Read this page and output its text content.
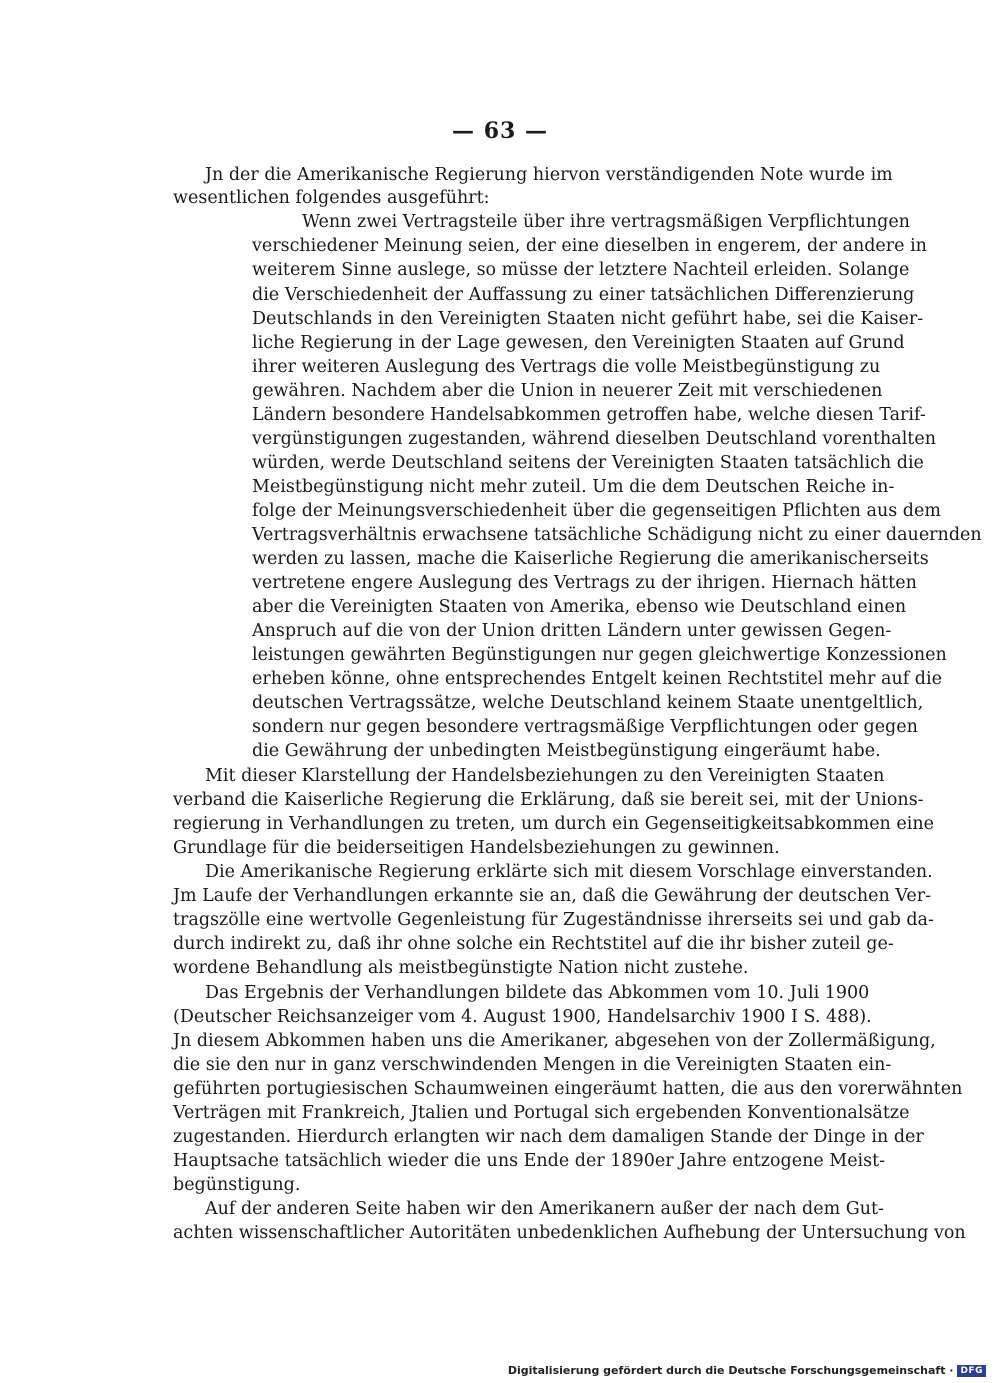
— 63 —
Jn der die Amerikanische Regierung hiervon verständigenden Note wurde im
wesentlichen folgendes ausgeführt:
Wenn zwei Vertragsteile über ihre vertragsmäßigen Verpflichtungen
verschiedener Meinung seien, der eine dieselben in engerem, der andere in
weiterem Sinne auslege, so müsse der letztere Nachteil erleiden. Solange
die Verschiedenheit der Auffassung zu einer tatsächlichen Differenzierung
Deutschlands in den Vereinigten Staaten nicht geführt habe, sei die Kaiser-
liche Regierung in der Lage gewesen, den Vereinigten Staaten auf Grund
ihrer weiteren Auslegung des Vertrags die volle Meistbegünstigung zu
gewähren. Nachdem aber die Union in neuerer Zeit mit verschiedenen
Ländern besondere Handelsabkommen getroffen habe, welche diesen Tarif-
vergünstigungen zugestanden, während dieselben Deutschland vorenthalten
würden, werde Deutschland seitens der Vereinigten Staaten tatsächlich die
Meistbegünstigung nicht mehr zuteil. Um die dem Deutschen Reiche in-
folge der Meinungsverschiedenheit über die gegenseitigen Pflichten aus dem
Vertragsverhältnis erwachsene tatsächliche Schädigung nicht zu einer dauernden
werden zu lassen, mache die Kaiserliche Regierung die amerikanischerseits
vertretene engere Auslegung des Vertrags zu der ihrigen. Hiernach hätten
aber die Vereinigten Staaten von Amerika, ebenso wie Deutschland einen
Anspruch auf die von der Union dritten Ländern unter gewissen Gegen-
leistungen gewährten Begünstigungen nur gegen gleichwertige Konzessionen
erheben könne, ohne entsprechendes Entgelt keinen Rechtstitel mehr auf die
deutschen Vertragssätze, welche Deutschland keinem Staate unentgeltlich,
sondern nur gegen besondere vertragsmäßige Verpflichtungen oder gegen
die Gewährung der unbedingten Meistbegünstigung eingeräumt habe.
Mit dieser Klarstellung der Handelsbeziehungen zu den Vereinigten Staaten
verband die Kaiserliche Regierung die Erklärung, daß sie bereit sei, mit der Unions-
regierung in Verhandlungen zu treten, um durch ein Gegenseitigkeitsabkommen eine
Grundlage für die beiderseitigen Handelsbeziehungen zu gewinnen.
Die Amerikanische Regierung erklärte sich mit diesem Vorschlage einverstanden.
Jm Laufe der Verhandlungen erkannte sie an, daß die Gewährung der deutschen Ver-
tragszölle eine wertvolle Gegenleistung für Zugeständnisse ihrerseits sei und gab da-
durch indirekt zu, daß ihr ohne solche ein Rechtstitel auf die ihr bisher zuteil ge-
wordene Behandlung als meistbegünstigte Nation nicht zustehe.
Das Ergebnis der Verhandlungen bildete das Abkommen vom 10. Juli 1900
(Deutscher Reichsanzeiger vom 4. August 1900, Handelsarchiv 1900 I S. 488).
Jn diesem Abkommen haben uns die Amerikaner, abgesehen von der Zollermäßigung,
die sie den nur in ganz verschwindenden Mengen in die Vereinigten Staaten ein-
geführten portugiesischen Schaumweinen eingeräumt hatten, die aus den vorerwähnten
Verträgen mit Frankreich, Jtalien und Portugal sich ergebenden Konventionalsätze
zugestanden. Hierdurch erlangten wir nach dem damaligen Stande der Dinge in der
Hauptsache tatsächlich wieder die uns Ende der 1890er Jahre entzogene Meist-
begünstigung.
Auf der anderen Seite haben wir den Amerikanern außer der nach dem Gut-
achten wissenschaftlicher Autoritäten unbedenklichen Aufhebung der Untersuchung von
Digitalisierung gefördert durch die Deutsche Forschungsgemeinschaft · DFG
